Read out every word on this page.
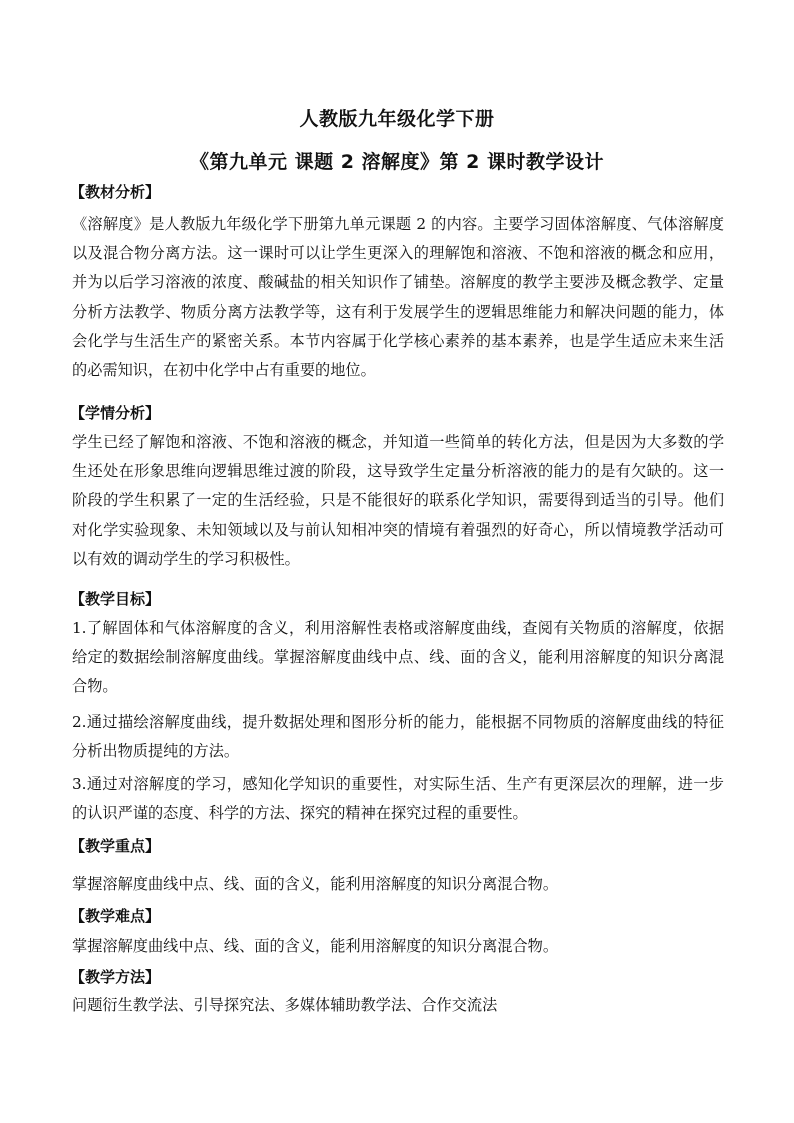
人教版九年级化学下册
《第九单元 课题 2 溶解度》第 2 课时教学设计
【教材分析】

《溶解度》是人教版九年级化学下册第九单元课题 2 的内容。主要学习固体溶解度、气体溶解度以及混合物分离方法。这一课时可以让学生更深入的理解饱和溶液、不饱和溶液的概念和应用，并为以后学习溶液的浓度、酸碱盐的相关知识作了铺垫。溶解度的教学主要涉及概念教学、定量分析方法教学、物质分离方法教学等，这有利于发展学生的逻辑思维能力和解决问题的能力，体会化学与生活生产的紧密关系。本节内容属于化学核心素养的基本素养，也是学生适应未来生活的必需知识，在初中化学中占有重要的地位。

【学情分析】

学生已经了解饱和溶液、不饱和溶液的概念，并知道一些简单的转化方法，但是因为大多数的学生还处在形象思维向逻辑思维过渡的阶段，这导致学生定量分析溶液的能力的是有欠缺的。这一阶段的学生积累了一定的生活经验，只是不能很好的联系化学知识，需要得到适当的引导。他们对化学实验现象、未知领域以及与前认知相冲突的情境有着强烈的好奇心，所以情境教学活动可以有效的调动学生的学习积极性。

【教学目标】

1.了解固体和气体溶解度的含义，利用溶解性表格或溶解度曲线，查阅有关物质的溶解度，依据给定的数据绘制溶解度曲线。掌握溶解度曲线中点、线、面的含义，能利用溶解度的知识分离混合物。

2.通过描绘溶解度曲线，提升数据处理和图形分析的能力，能根据不同物质的溶解度曲线的特征分析出物质提纯的方法。

3.通过对溶解度的学习，感知化学知识的重要性，对实际生活、生产有更深层次的理解，进一步的认识严谨的态度、科学的方法、探究的精神在探究过程的重要性。

【教学重点】

掌握溶解度曲线中点、线、面的含义，能利用溶解度的知识分离混合物。

【教学难点】

掌握溶解度曲线中点、线、面的含义，能利用溶解度的知识分离混合物。

【教学方法】

问题衍生教学法、引导探究法、多媒体辅助教学法、合作交流法
